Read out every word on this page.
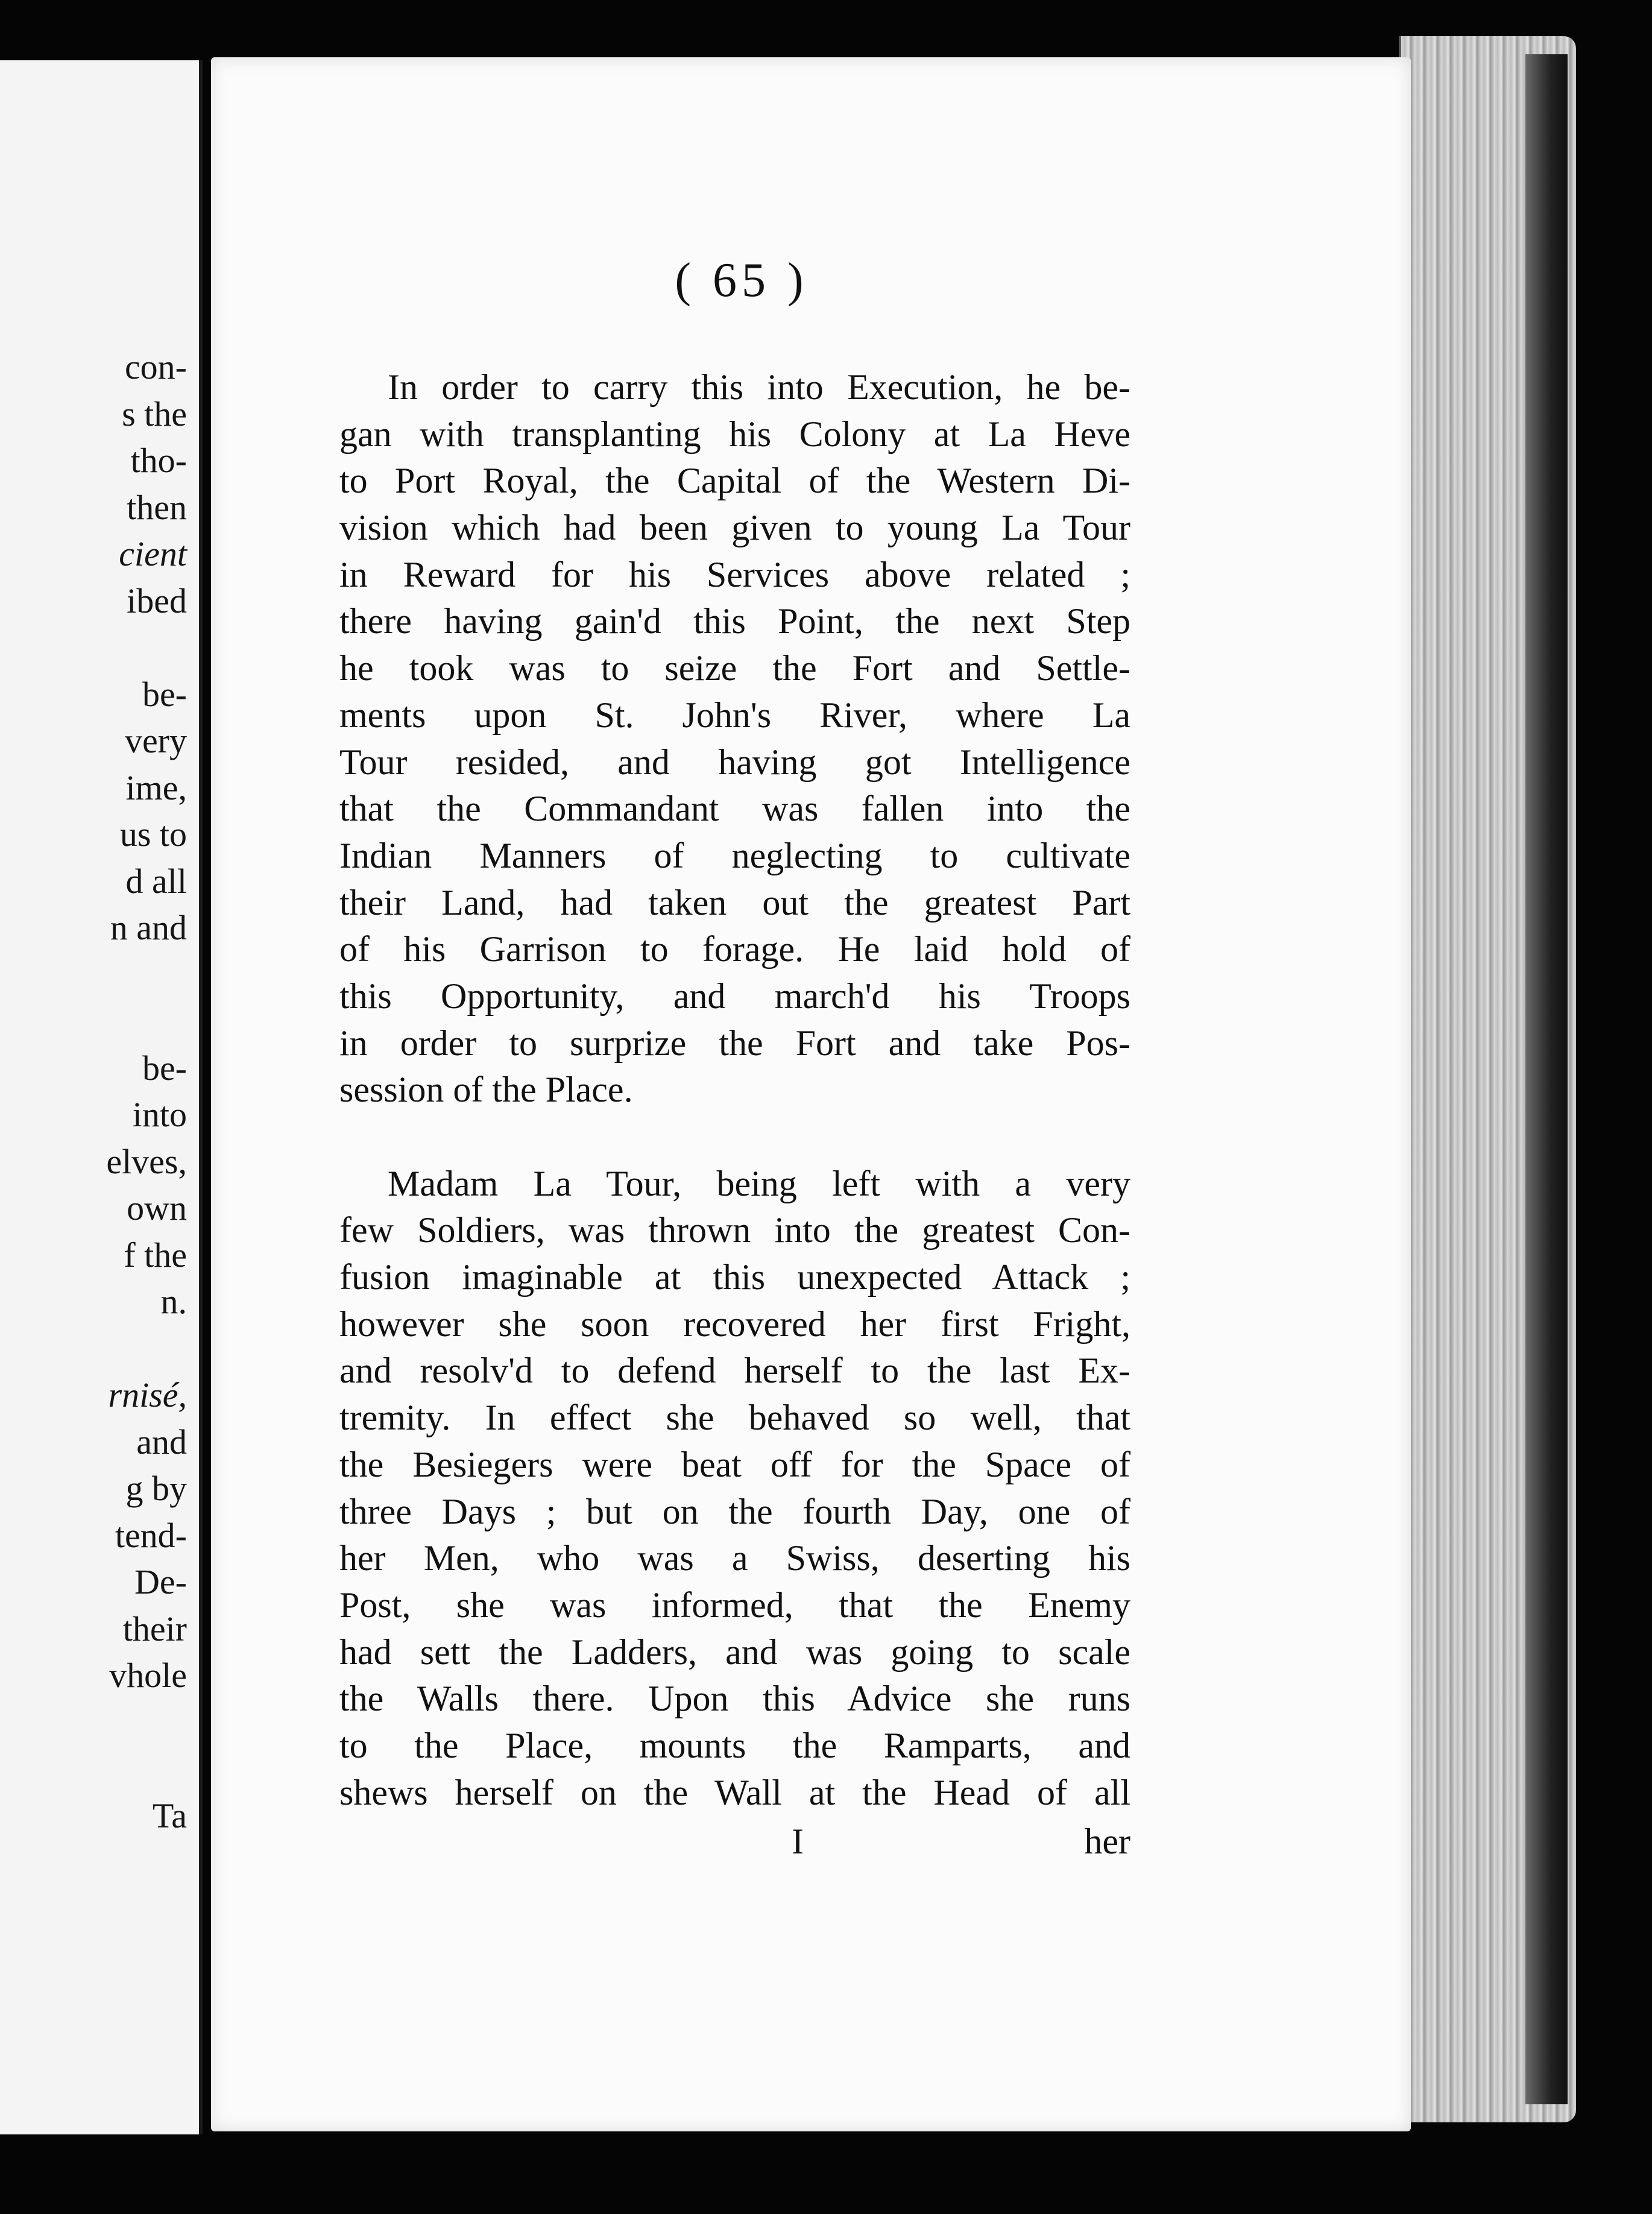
con-
s the
tho-
then
cient
ibed
be-
very
ime,
us to
d all
n and
be-
into
elves,
own
f the
n.
rnisé,
and
g by
tend-
De-
their
vhole
Ta
( 65 )
In order to carry this into Execution, he be-
gan with transplanting his Colony at La Heve
to Port Royal, the Capital of the Western Di-
vision which had been given to young La Tour
in Reward for his Services above related ;
there having gain'd this Point, the next Step
he took was to seize the Fort and Settle-
ments upon St. John's River, where La
Tour resided, and having got Intelligence
that the Commandant was fallen into the
Indian Manners of neglecting to cultivate
their Land, had taken out the greatest Part
of his Garrison to forage. He laid hold of
this Opportunity, and march'd his Troops
in order to surprize the Fort and take Pos-
session of the Place.
Madam La Tour, being left with a very
few Soldiers, was thrown into the greatest Con-
fusion imaginable at this unexpected Attack ;
however she soon recovered her first Fright,
and resolv'd to defend herself to the last Ex-
tremity. In effect she behaved so well, that
the Besiegers were beat off for the Space of
three Days ; but on the fourth Day, one of
her Men, who was a Swiss, deserting his
Post, she was informed, that the Enemy
had sett the Ladders, and was going to scale
the Walls there. Upon this Advice she runs
to the Place, mounts the Ramparts, and
shews herself on the Wall at the Head of all
I	her
